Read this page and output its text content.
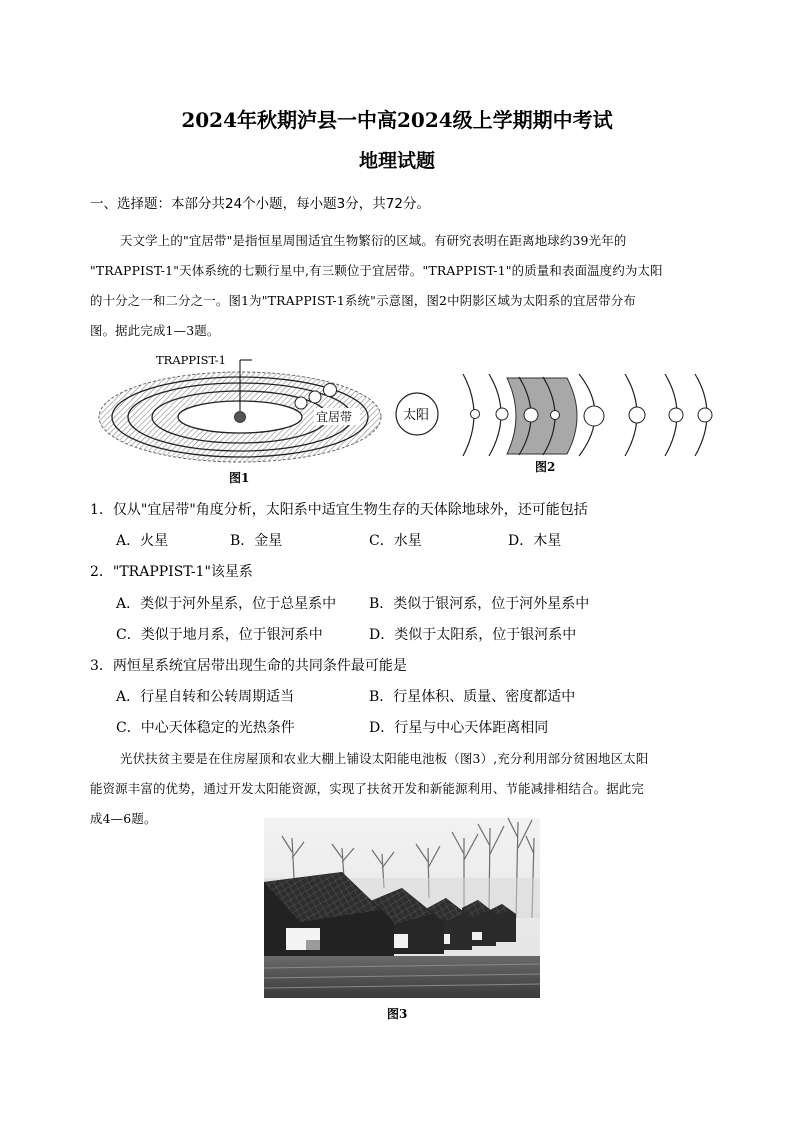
2024年秋期泸县一中高2024级上学期期中考试
地理试题
一、选择题：本部分共24个小题，每小题3分，共72分。
天文学上的"宜居带"是指恒星周围适宜生物繁衍的区域。有研究表明在距离地球约39光年的
"TRAPPIST-1"天体系统的七颗行星中,有三颗位于宜居带。"TRAPPIST-1"的质量和表面温度约为太阳
的十分之一和二分之一。图1为"TRAPPIST-1系统"示意图，图2中阴影区域为太阳系的宜居带分布
图。据此完成1—3题。
TRAPPIST-1
宜居带
图1
太阳
图2
1．仅从"宜居带"角度分析，太阳系中适宜生物生存的天体除地球外，还可能包括
A．火星	B．金星	C．水星	D．木星
2．"TRAPPIST-1"该星系
A．类似于河外星系，位于总星系中 B．类似于银河系，位于河外星系中
C．类似于地月系，位于银河系中	D．类似于太阳系，位于银河系中
3．两恒星系统宜居带出现生命的共同条件最可能是
A．行星自转和公转周期适当	B．行星体积、质量、密度都适中
C．中心天体稳定的光热条件	D．行星与中心天体距离相同
光伏扶贫主要是在住房屋顶和农业大棚上铺设太阳能电池板（图3）,充分利用部分贫困地区太阳
能资源丰富的优势，通过开发太阳能资源，实现了扶贫开发和新能源利用、节能减排相结合。据此完
成4—6题。
图3
